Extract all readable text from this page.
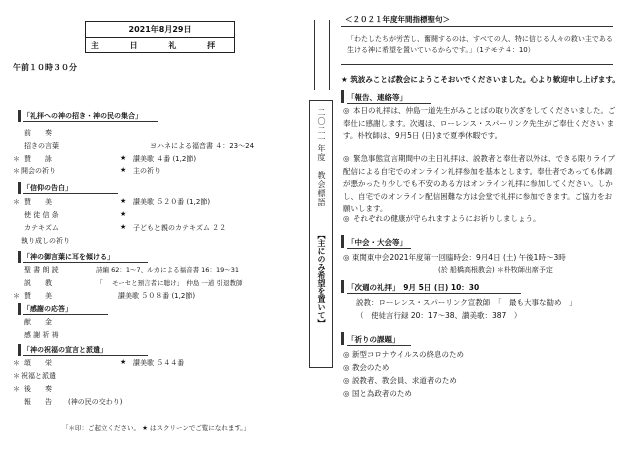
2021年8月29日
主 日 礼 拝
午前１０時３０分
「礼拝への神の招き・神の民の集合」
「信仰の告白」
「神の御言葉に耳を傾ける」
「感謝の応答」
「神の祝福の宣言と派遣」
前　　奏
招きの言葉	ヨハネによる福音書 ４：23～24
＊ 賛　　詠	★ 讃美歌 ４番 (1,2節)
＊ 開会の祈り	★ 主の祈り
＊ 賛　　美	★ 讃美歌 ５２０番 (1,2節)
使 徒 信 条	★
カテキズム	★ 子どもと親のカテキズム ２２
執り成しの祈り
聖 書 朗 読	詩編 62：1～7、ルカによる福音書 16：19～31
説　　教	「 モーセと預言者に聴け」　仲島 一道 引退教師
＊ 賛　　美	讃美歌 ５０８番 (1,2節)
献　　金
感 謝 祈 祷
＊ 頌　　栄	★ 讃美歌 ５４４番
＊ 祝福と派遣
＊ 後　　奏
報　　告 (神の民の交わり)
「＊印：ご起立ください。 ★ はスクリーンでご覧になれます。」
二〇二一年度　教会標語
【主にのみ希望を置いて】
＜２０２１年度年間指標聖句＞
「わたしたちが労苦し、奮闘するのは、すべての人、特に信じる人々の救い主である生ける神に希望を置いているからです。」（1テモテ４：10）
★ 筑波みことば教会にようこそおいでくださいました。心より歓迎申し上げます。
「報告、連絡等」
◎ 本日の礼拝は、仲島一道先生がみことばの取り次ぎをしてくださいました。ご奉仕に感謝します。次週は、ローレンス・スパーリンク先生がご奉仕ください ます。朴牧師は、9月5日 (日)まで夏季休暇です。
◎ 緊急事態宣言期間中の主日礼拝は、説教者と奉仕者以外は、できる限りライブ配信による自宅でのオンライン礼拝参加を基本とします。奉仕者であっても体調が悪かったり少しでも不安のある方はオンライン礼拝に参加してください。しかし、自宅でのオンライン配信困難な方は会堂で礼拝に参加できます。ご協力をお願いします。
◎ それぞれの健康が守られますようにお祈りしましょう。
「中会・大会等」
◎ 東関東中会2021年度第一回臨時会：9月4日 (土) 午後1時～3時
(於 船橋高根教会) ＊朴牧師出席予定
「次週の礼拝」　9月 5日 (日) 10：30
説教：ローレンス・スパーリンク宣教師　「　最も大事な勧め　」
（　使徒言行録 20：17～38、讃美歌：387　）
「祈りの課題」
◎ 新型コロナウイルスの終息のため
◎ 教会のため
◎ 説教者、教会員、求道者のため
◎ 国と為政者のため
